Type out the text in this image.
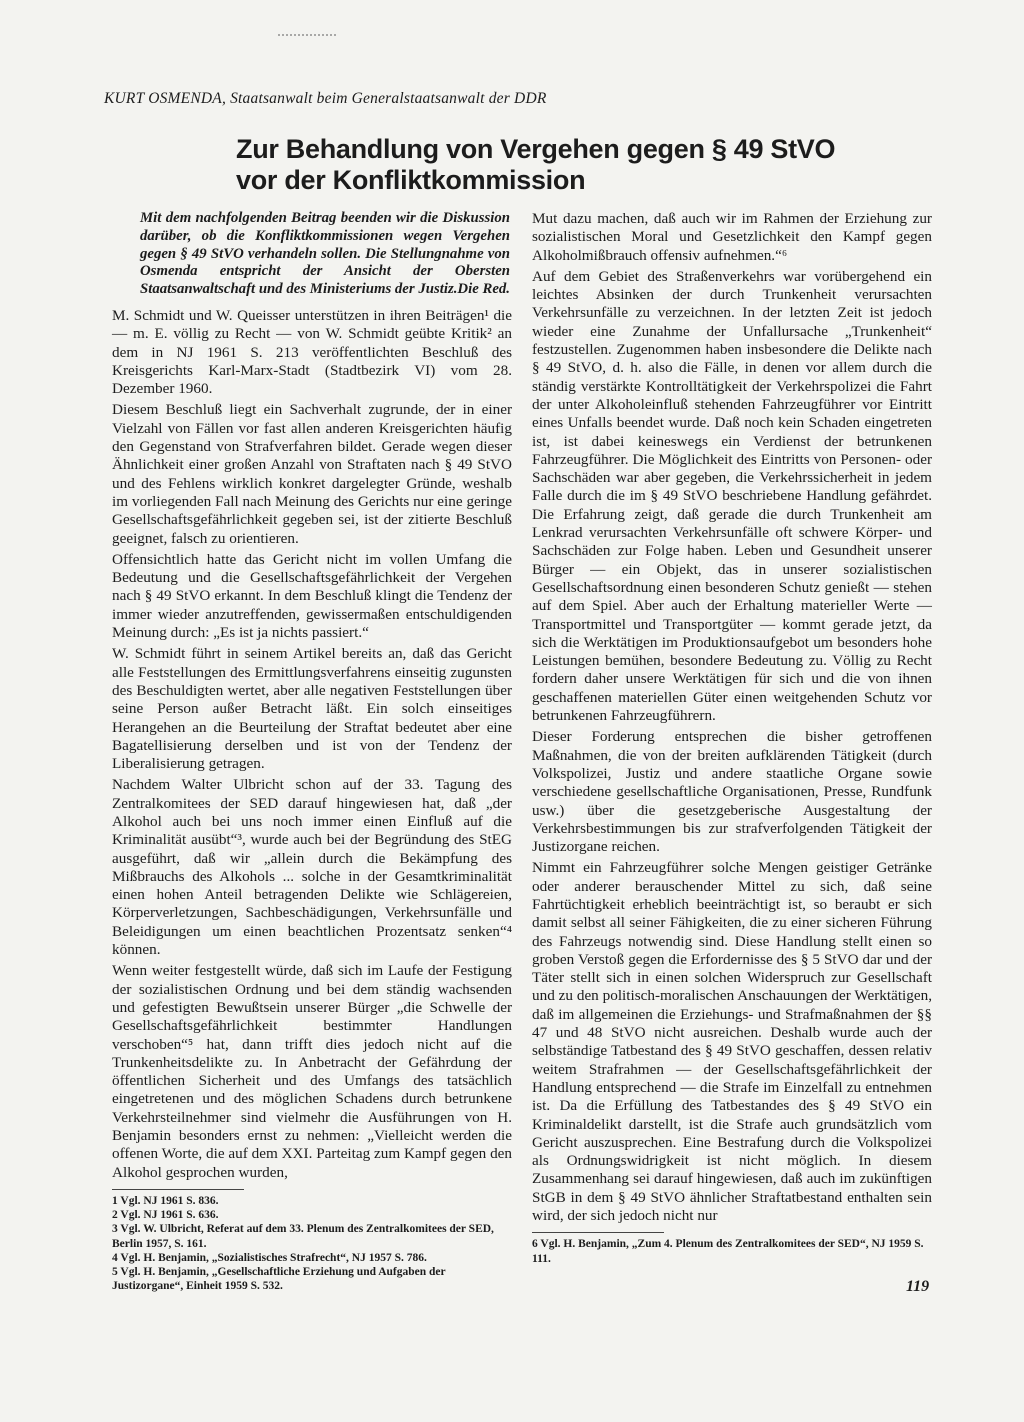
KURT OSMENDA, Staatsanwalt beim Generalstaatsanwalt der DDR
Zur Behandlung von Vergehen gegen § 49 StVO vor der Konfliktkommission

Mit dem nachfolgenden Beitrag beenden wir die Diskussion darüber, ob die Konfliktkommissionen wegen Vergehen gegen § 49 StVO verhandeln sollen. Die Stellungnahme von Osmenda entspricht der Ansicht der Obersten Staatsanwaltschaft und des Ministeriums der Justiz. Die Red.

M. Schmidt und W. Queisser unterstützen in ihren Beiträgen¹ die — m. E. völlig zu Recht — von W. Schmidt geübte Kritik² an dem in NJ 1961 S. 213 veröffentlichten Beschluß des Kreisgerichts Karl-Marx-Stadt (Stadtbezirk VI) vom 28. Dezember 1960.

Diesem Beschluß liegt ein Sachverhalt zugrunde, der in einer Vielzahl von Fällen vor fast allen anderen Kreisgerichten häufig den Gegenstand von Strafverfahren bildet. Gerade wegen dieser Ähnlichkeit einer großen Anzahl von Straftaten nach § 49 StVO und des Fehlens wirklich konkret dargelegter Gründe, weshalb im vorliegenden Fall nach Meinung des Gerichts nur eine geringe Gesellschaftsgefährlichkeit gegeben sei, ist der zitierte Beschluß geeignet, falsch zu orientieren.

Offensichtlich hatte das Gericht nicht im vollen Umfang die Bedeutung und die Gesellschaftsgefährlichkeit der Vergehen nach § 49 StVO erkannt. In dem Beschluß klingt die Tendenz der immer wieder anzutreffenden, gewissermaßen entschuldigenden Meinung durch: „Es ist ja nichts passiert.“

W. Schmidt führt in seinem Artikel bereits an, daß das Gericht alle Feststellungen des Ermittlungsverfahrens einseitig zugunsten des Beschuldigten wertet, aber alle negativen Feststellungen über seine Person außer Betracht läßt. Ein solch einseitiges Herangehen an die Beurteilung der Straftat bedeutet aber eine Bagatellisierung derselben und ist von der Tendenz der Liberalisierung getragen.

Nachdem Walter Ulbricht schon auf der 33. Tagung des Zentralkomitees der SED darauf hingewiesen hat, daß „der Alkohol auch bei uns noch immer einen Einfluß auf die Kriminalität ausübt“³, wurde auch bei der Begründung des StEG ausgeführt, daß wir „allein durch die Bekämpfung des Mißbrauchs des Alkohols ... solche in der Gesamtkriminalität einen hohen Anteil betragenden Delikte wie Schlägereien, Körperverletzungen, Sachbeschädigungen, Verkehrsunfälle und Beleidigungen um einen beachtlichen Prozentsatz senken“⁴ können.

Wenn weiter festgestellt würde, daß sich im Laufe der Festigung der sozialistischen Ordnung und bei dem ständig wachsenden und gefestigten Bewußtsein unserer Bürger „die Schwelle der Gesellschaftsgefährlichkeit bestimmter Handlungen verschoben“⁵ hat, dann trifft dies jedoch nicht auf die Trunkenheitsdelikte zu. In Anbetracht der Gefährdung der öffentlichen Sicherheit und des Umfangs des tatsächlich eingetretenen und des möglichen Schadens durch betrunkene Verkehrsteilnehmer sind vielmehr die Ausführungen von H. Benjamin besonders ernst zu nehmen: „Vielleicht werden die offenen Worte, die auf dem XXI. Parteitag zum Kampf gegen den Alkohol gesprochen wurden,

1 Vgl. NJ 1961 S. 836.

2 Vgl. NJ 1961 S. 636.

3 Vgl. W. Ulbricht, Referat auf dem 33. Plenum des Zentralkomitees der SED, Berlin 1957, S. 161.

4 Vgl. H. Benjamin, „Sozialistisches Strafrecht“, NJ 1957 S. 786.

5 Vgl. H. Benjamin, „Gesellschaftliche Erziehung und Aufgaben der Justizorgane“, Einheit 1959 S. 532.

Mut dazu machen, daß auch wir im Rahmen der Erziehung zur sozialistischen Moral und Gesetzlichkeit den Kampf gegen Alkoholmißbrauch offensiv aufnehmen.“⁶

Auf dem Gebiet des Straßenverkehrs war vorübergehend ein leichtes Absinken der durch Trunkenheit verursachten Verkehrsunfälle zu verzeichnen. In der letzten Zeit ist jedoch wieder eine Zunahme der Unfallursache „Trunkenheit“ festzustellen. Zugenommen haben insbesondere die Delikte nach § 49 StVO, d. h. also die Fälle, in denen vor allem durch die ständig verstärkte Kontrolltätigkeit der Verkehrspolizei die Fahrt der unter Alkoholeinfluß stehenden Fahrzeugführer vor Eintritt eines Unfalls beendet wurde. Daß noch kein Schaden eingetreten ist, ist dabei keineswegs ein Verdienst der betrunkenen Fahrzeugführer. Die Möglichkeit des Eintritts von Personen- oder Sachschäden war aber gegeben, die Verkehrssicherheit in jedem Falle durch die im § 49 StVO beschriebene Handlung gefährdet. Die Erfahrung zeigt, daß gerade die durch Trunkenheit am Lenkrad verursachten Verkehrsunfälle oft schwere Körper- und Sachschäden zur Folge haben. Leben und Gesundheit unserer Bürger — ein Objekt, das in unserer sozialistischen Gesellschaftsordnung einen besonderen Schutz genießt — stehen auf dem Spiel. Aber auch der Erhaltung materieller Werte — Transportmittel und Transportgüter — kommt gerade jetzt, da sich die Werktätigen im Produktionsaufgebot um besonders hohe Leistungen bemühen, besondere Bedeutung zu. Völlig zu Recht fordern daher unsere Werktätigen für sich und die von ihnen geschaffenen materiellen Güter einen weitgehenden Schutz vor betrunkenen Fahrzeugführern.

Dieser Forderung entsprechen die bisher getroffenen Maßnahmen, die von der breiten aufklärenden Tätigkeit (durch Volkspolizei, Justiz und andere staatliche Organe sowie verschiedene gesellschaftliche Organisationen, Presse, Rundfunk usw.) über die gesetzgeberische Ausgestaltung der Verkehrsbestimmungen bis zur strafverfolgenden Tätigkeit der Justizorgane reichen.

Nimmt ein Fahrzeugführer solche Mengen geistiger Getränke oder anderer berauschender Mittel zu sich, daß seine Fahrtüchtigkeit erheblich beeinträchtigt ist, so beraubt er sich damit selbst all seiner Fähigkeiten, die zu einer sicheren Führung des Fahrzeugs notwendig sind. Diese Handlung stellt einen so groben Verstoß gegen die Erfordernisse des § 5 StVO dar und der Täter stellt sich in einen solchen Widerspruch zur Gesellschaft und zu den politisch-moralischen Anschauungen der Werktätigen, daß im allgemeinen die Erziehungs- und Strafmaßnahmen der §§ 47 und 48 StVO nicht ausreichen. Deshalb wurde auch der selbständige Tatbestand des § 49 StVO geschaffen, dessen relativ weitem Strafrahmen — der Gesellschaftsgefährlichkeit der Handlung entsprechend — die Strafe im Einzelfall zu entnehmen ist. Da die Erfüllung des Tatbestandes des § 49 StVO ein Kriminaldelikt darstellt, ist die Strafe auch grundsätzlich vom Gericht auszusprechen. Eine Bestrafung durch die Volkspolizei als Ordnungswidrigkeit ist nicht möglich. In diesem Zusammenhang sei darauf hingewiesen, daß auch im zukünftigen StGB in dem § 49 StVO ähnlicher Straftatbestand enthalten sein wird, der sich jedoch nicht nur

6 Vgl. H. Benjamin, „Zum 4. Plenum des Zentralkomitees der SED“, NJ 1959 S. 111.

119
